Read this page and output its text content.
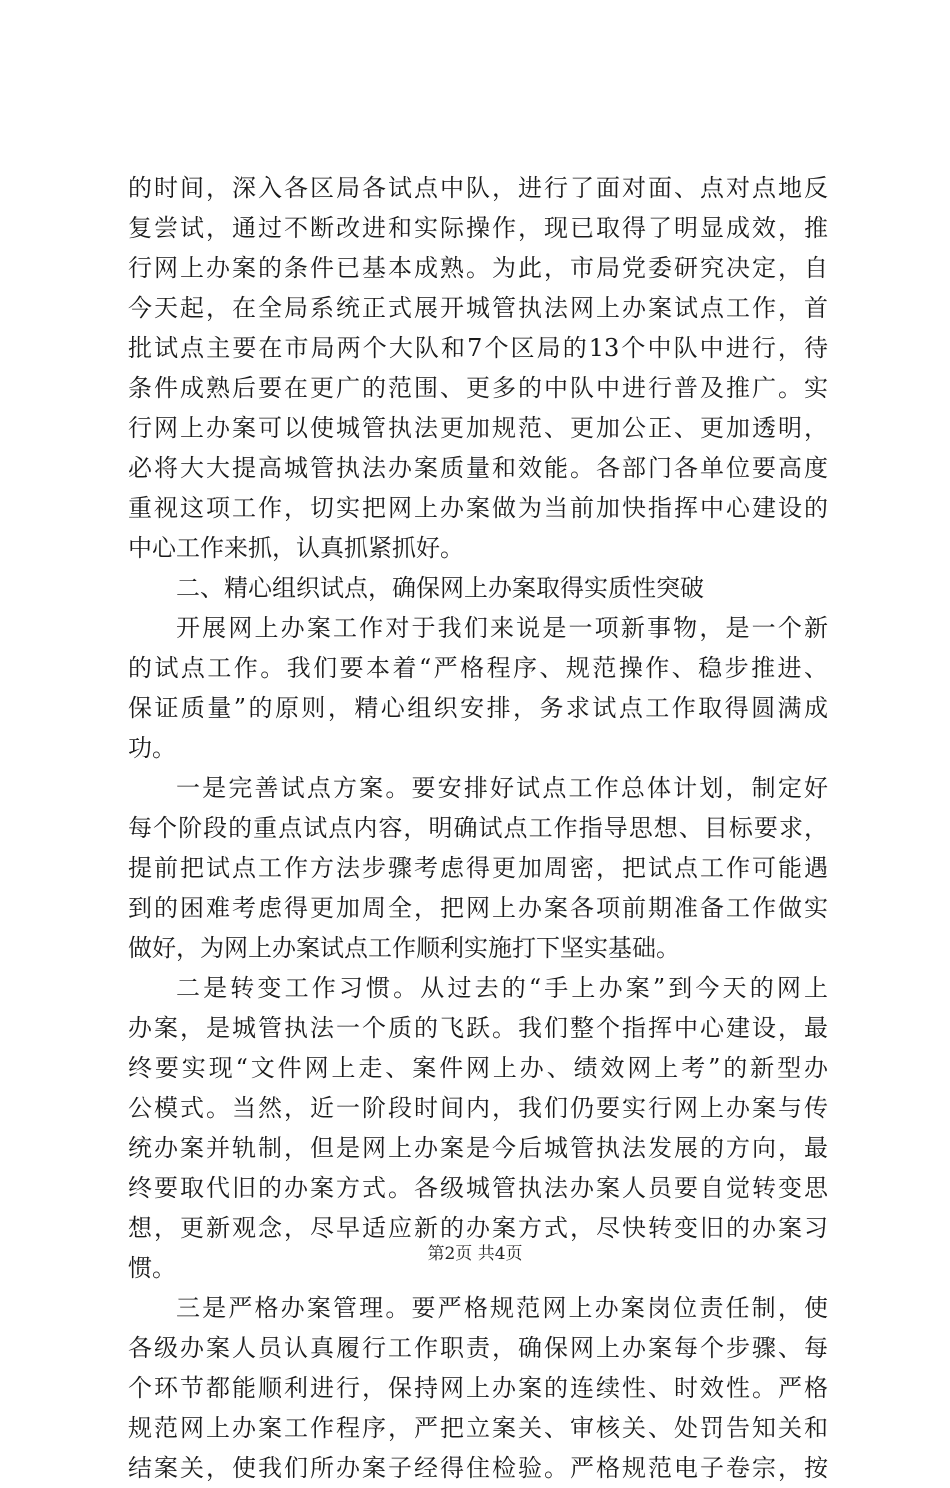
的时间，深入各区局各试点中队，进行了面对面、点对点地反
复尝试，通过不断改进和实际操作，现已取得了明显成效，推
行网上办案的条件已基本成熟。为此，市局党委研究决定，自
今天起，在全局系统正式展开城管执法网上办案试点工作，首
批试点主要在市局两个大队和7个区局的13个中队中进行，待
条件成熟后要在更广的范围、更多的中队中进行普及推广。实
行网上办案可以使城管执法更加规范、更加公正、更加透明，
必将大大提高城管执法办案质量和效能。各部门各单位要高度
重视这项工作，切实把网上办案做为当前加快指挥中心建设的
中心工作来抓，认真抓紧抓好。
二、精心组织试点，确保网上办案取得实质性突破
开展网上办案工作对于我们来说是一项新事物，是一个新
的试点工作。我们要本着“严格程序、规范操作、稳步推进、
保证质量”的原则，精心组织安排，务求试点工作取得圆满成
功。
一是完善试点方案。要安排好试点工作总体计划，制定好
每个阶段的重点试点内容，明确试点工作指导思想、目标要求，
提前把试点工作方法步骤考虑得更加周密，把试点工作可能遇
到的困难考虑得更加周全，把网上办案各项前期准备工作做实
做好，为网上办案试点工作顺利实施打下坚实基础。
二是转变工作习惯。从过去的“手上办案”到今天的网上
办案，是城管执法一个质的飞跃。我们整个指挥中心建设，最
终要实现“文件网上走、案件网上办、绩效网上考”的新型办
公模式。当然，近一阶段时间内，我们仍要实行网上办案与传
统办案并轨制，但是网上办案是今后城管执法发展的方向，最
终要取代旧的办案方式。各级城管执法办案人员要自觉转变思
想，更新观念，尽早适应新的办案方式，尽快转变旧的办案习
惯。
三是严格办案管理。要严格规范网上办案岗位责任制，使
各级办案人员认真履行工作职责，确保网上办案每个步骤、每
个环节都能顺利进行，保持网上办案的连续性、时效性。严格
规范网上办案工作程序，严把立案关、审核关、处罚告知关和
结案关，使我们所办案子经得住检验。严格规范电子卷宗，按
第2页 共4页
